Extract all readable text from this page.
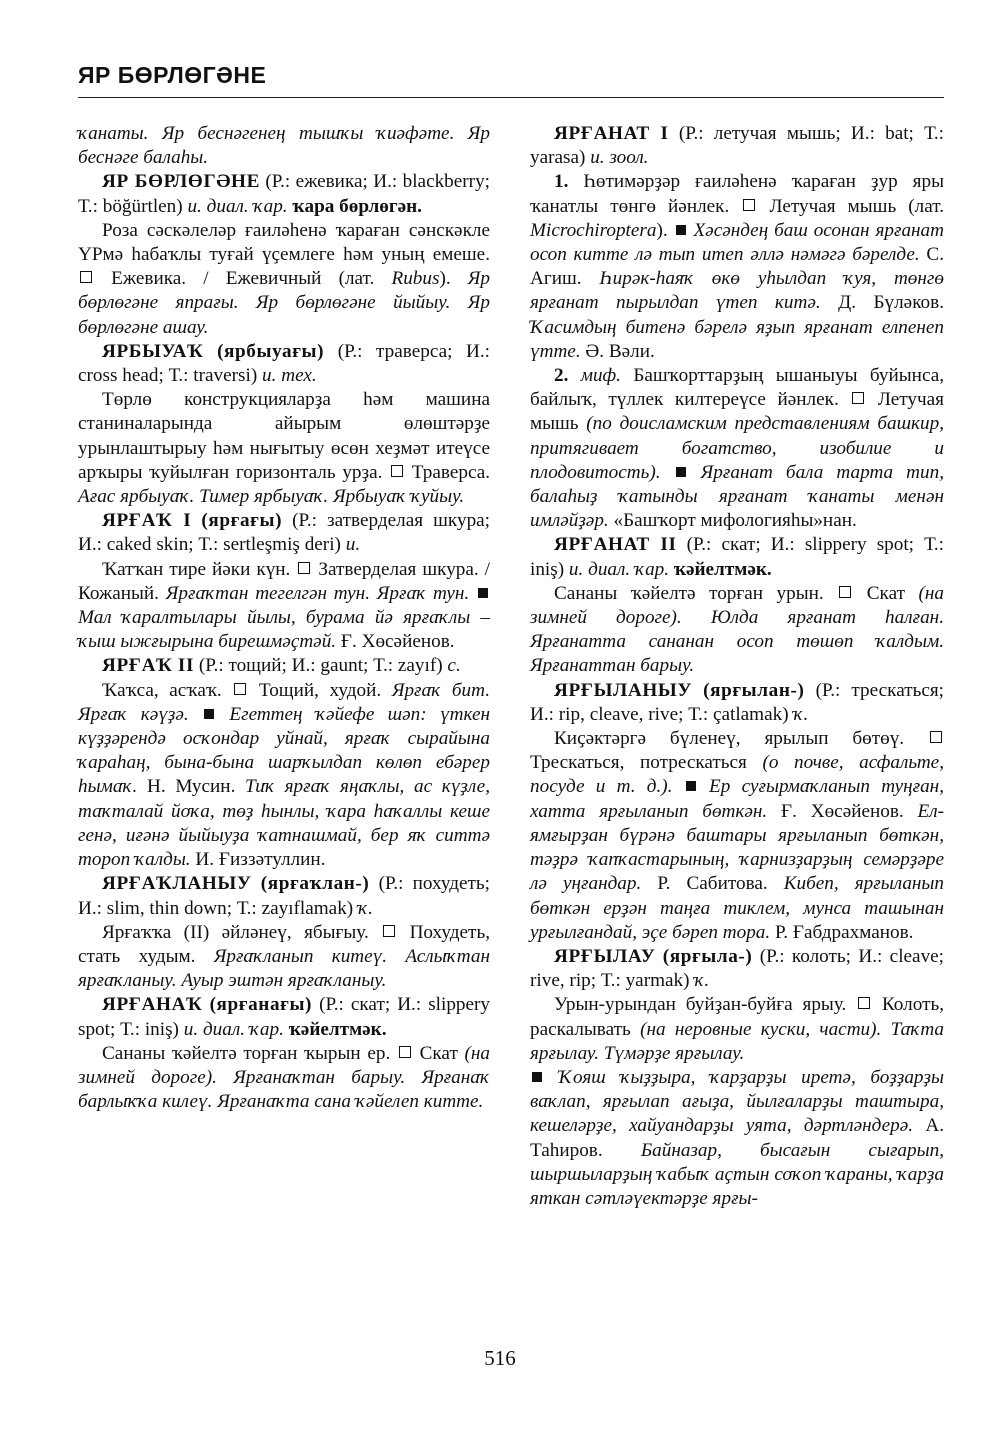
ЯР БӨРЛӨГӘНЕ

ҡанаты. Яр беснәгенең тышҡы ҡиәфәте. Яр беснәге балаһы.

ЯР БӨРЛӨГӘНЕ (Р.: ежевика; И.: blackberry; Т.: böğürtlen) и. диал. ҡар. ҡара бөрлөгән.

Роза сәскәлеләр ғаиләһенә ҡараған сәнскәкле ҮРмә һабаҡлы туғай үҫемлеге һәм уның емеше.  Ежевика. / Ежевичный (лат. Rubus). Яр бөрлөгәне япрағы. Яр бөрлөгәне йыйыу. Яр бөрлөгәне ашау.

ЯРБЫУАҠ (ярбыуағы) (Р.: траверса; И.: cross head; Т.: traversi) и. тех.

Төрлө конструкцияларҙа һәм машина станиналарында айырым өлөштәрҙе урынлаштырыу һәм нығытыу өсөн хеҙмәт итеүсе арҡыры ҡуйылған горизонталь урҙа. Траверса. Ағас ярбыуаҡ. Тимер ярбыуаҡ. Ярбыуаҡ ҡуйыу.

ЯРҒАҠ I (ярғағы) (Р.: затверделая шкура; И.: caked skin; Т.: sertleşmiş deri) и.

Ҡатҡан тире йәки күн. Затверделая шкура. / Кожаный. Ярғаҡтан тегелгән тун. Ярғаҡ тун.  Мал ҡаралтылары йылы, бурама йә ярғаҡлы – ҡыш ыжғырына бирешмәҫтәй. Ғ. Хөсәйенов.

ЯРҒАҠ II (Р.: тощий; И.: gaunt; Т.: zayıf) с.

Ҡаҡса, асҡаҡ. Тощий, худой. Ярғаҡ бит. Ярғаҡ кәүҙә. Егеттең ҡәйефе шәп: үткен күҙҙәрендә осҡондар уйнай, ярғаҡ сырайына ҡараһаң, бына-бына шарҡылдап көлөп ебәрер һымаҡ. Н. Мусин. Тиҡ ярғаҡ яңаҡлы, ас күҙле, таҡталай йоҡа, төҙ һынлы, ҡара һаҡаллы кеше генә, иғәнә йыйыуҙа ҡатнашмай, бер яҡ ситтә тороп ҡалды. И. Ғиззәтуллин.

ЯРҒАҠЛАНЫУ (ярғаҡлан-) (Р.: похудеть; И.: slim, thin down; Т.: zayıflamak) ҡ.

Ярғаҡҡа (II) әйләнеү, ябығыу. Похудеть, стать худым. Ярғаҡланып китеү. Аслыҡтан ярғаҡланыу. Ауыр эштән ярғаҡланыу.

ЯРҒАНАҠ (ярғанағы) (Р.: скат; И.: slippery spot; Т.: iniş) и. диал. ҡар. ҡәйелтмәк.

Сананы ҡәйелтә торған ҡырын ер. Скат (на зимней дороге). Ярғанаҡтан барыу. Ярғанаҡ барлыҡҡа килеү. Ярғанаҡта сана ҡәйелеп китте.

ЯРҒАНАТ I (Р.: летучая мышь; И.: bat; Т.: yarasa) и. зоол.

1. Һөтимәрҙәр ғаиләһенә ҡараған ҙур яры ҡанатлы төнгө йәнлек. Летучая мышь (лат. Microchiroptera).  Хәсәндең баш осонан ярғанат осоп китте лә тып итеп әллә нәмәгә бәрелде. С. Агиш. Һирәк-һаяҡ өкө уһылдап ҡуя, төнгө ярғанат пырылдап үтеп китә. Д. Бүләков. Ҡасимдың битенә бәрелә яҙып ярғанат елпенеп үтте. Ә. Вәли.

2. миф. Башҡорттарҙың ышаныуы буйынса, байлыҡ, түллек килтереүсе йәнлек. Летучая мышь (по доисламским представлениям башкир, притягивает богатство, изобилие и плодовитость). Ярғанат бала тарта тип, балаһыҙ ҡатынды ярғанат ҡанаты менән имләйҙәр. «Башҡорт мифологияһы»нан.

ЯРҒАНАТ II (Р.: скат; И.: slippery spot; Т.: iniş) и. диал. ҡар. ҡәйелтмәк.

Сананы ҡәйелтә торған урын. Скат (на зимней дороге). Юлда ярғанат һалған. Ярғанатта сананан осоп төшөп ҡалдым. Ярғанаттан барыу.

ЯРҒЫЛАНЫУ (ярғылан-) (Р.: трескаться; И.: rip, cleave, rive; Т.: çatlamak) ҡ.

Киҫәктәргә бүленеү, ярылып бөтөү.  Трескаться, потрескаться (о почве, асфальте, посуде и т. д.). Ер суғырмаҡланып туңған, хатта ярғыланып бөткән. Ғ. Хөсәйенов. Ел-ямғырҙан бүрәнә баштары ярғыланып бөткән, тәҙрә ҡапҡастарының, ҡарнизҙарҙың семәрҙәре лә уңғандар. Р. Сабитова. Кибеп, ярғыланып бөткән ерҙән таңға тиклем, мунса ташынан урғылғандай, эҫе бәреп тора. Р. Ғабдрахманов.

ЯРҒЫЛАУ (ярғыла-) (Р.: колоть; И.: cleave; rive, rip; Т.: yarmak) ҡ.

Урын-урындан буйҙан-буйға ярыу. Колоть, раскалывать (на неровные куски, части). Таҡта ярғылау. Түмәрҙе ярғылау.

Ҡояш ҡыҙҙыра, ҡарҙарҙы иретә, боҙҙарҙы ваҡлап, ярғылап ағыҙа, йылғаларҙы таштыра, кешеләрҙе, хайуандарҙы уята, дәртләндерә. А. Таһиров. Байназар, бысағын сығарып, шыршыларҙың ҡабыҡ аҫтын соҡоп ҡараны, ҡарҙа яткан сәтләүектәрҙе ярғы-

516
